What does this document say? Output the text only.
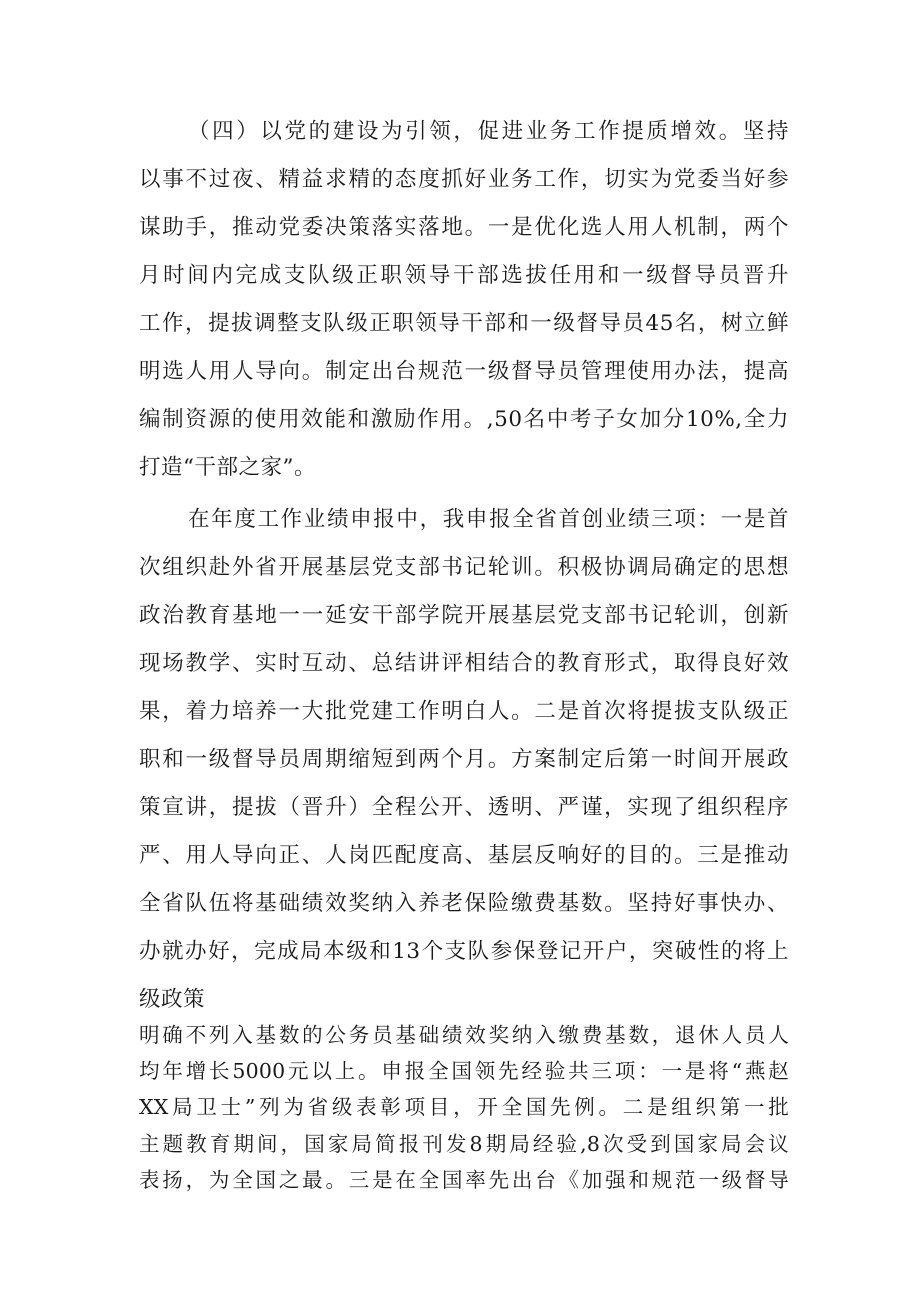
（四）以党的建设为引领，促进业务工作提质增效。坚持
以事不过夜、精益求精的态度抓好业务工作，切实为党委当好参
谋助手，推动党委决策落实落地。一是优化选人用人机制，两个
月时间内完成支队级正职领导干部选拔任用和一级督导员晋升
工作，提拔调整支队级正职领导干部和一级督导员45名，树立鲜
明选人用人导向。制定出台规范一级督导员管理使用办法，提高
编制资源的使用效能和激励作用。,50名中考子女加分10%,全力
打造“干部之家”。
在年度工作业绩申报中，我申报全省首创业绩三项：一是首
次组织赴外省开展基层党支部书记轮训。积极协调局确定的思想
政治教育基地一一延安干部学院开展基层党支部书记轮训，创新
现场教学、实时互动、总结讲评相结合的教育形式，取得良好效
果，着力培养一大批党建工作明白人。二是首次将提拔支队级正
职和一级督导员周期缩短到两个月。方案制定后第一时间开展政
策宣讲，提拔（晋升）全程公开、透明、严谨，实现了组织程序
严、用人导向正、人岗匹配度高、基层反响好的目的。三是推动
全省队伍将基础绩效奖纳入养老保险缴费基数。坚持好事快办、
办就办好，完成局本级和13个支队参保登记开户，突破性的将上
级政策
明确不列入基数的公务员基础绩效奖纳入缴费基数，退休人员人
均年增长5000元以上。申报全国领先经验共三项：一是将“燕赵
XX局卫士”列为省级表彰项目，开全国先例。二是组织第一批
主题教育期间，国家局简报刊发8期局经验,8次受到国家局会议
表扬，为全国之最。三是在全国率先出台《加强和规范一级督导
